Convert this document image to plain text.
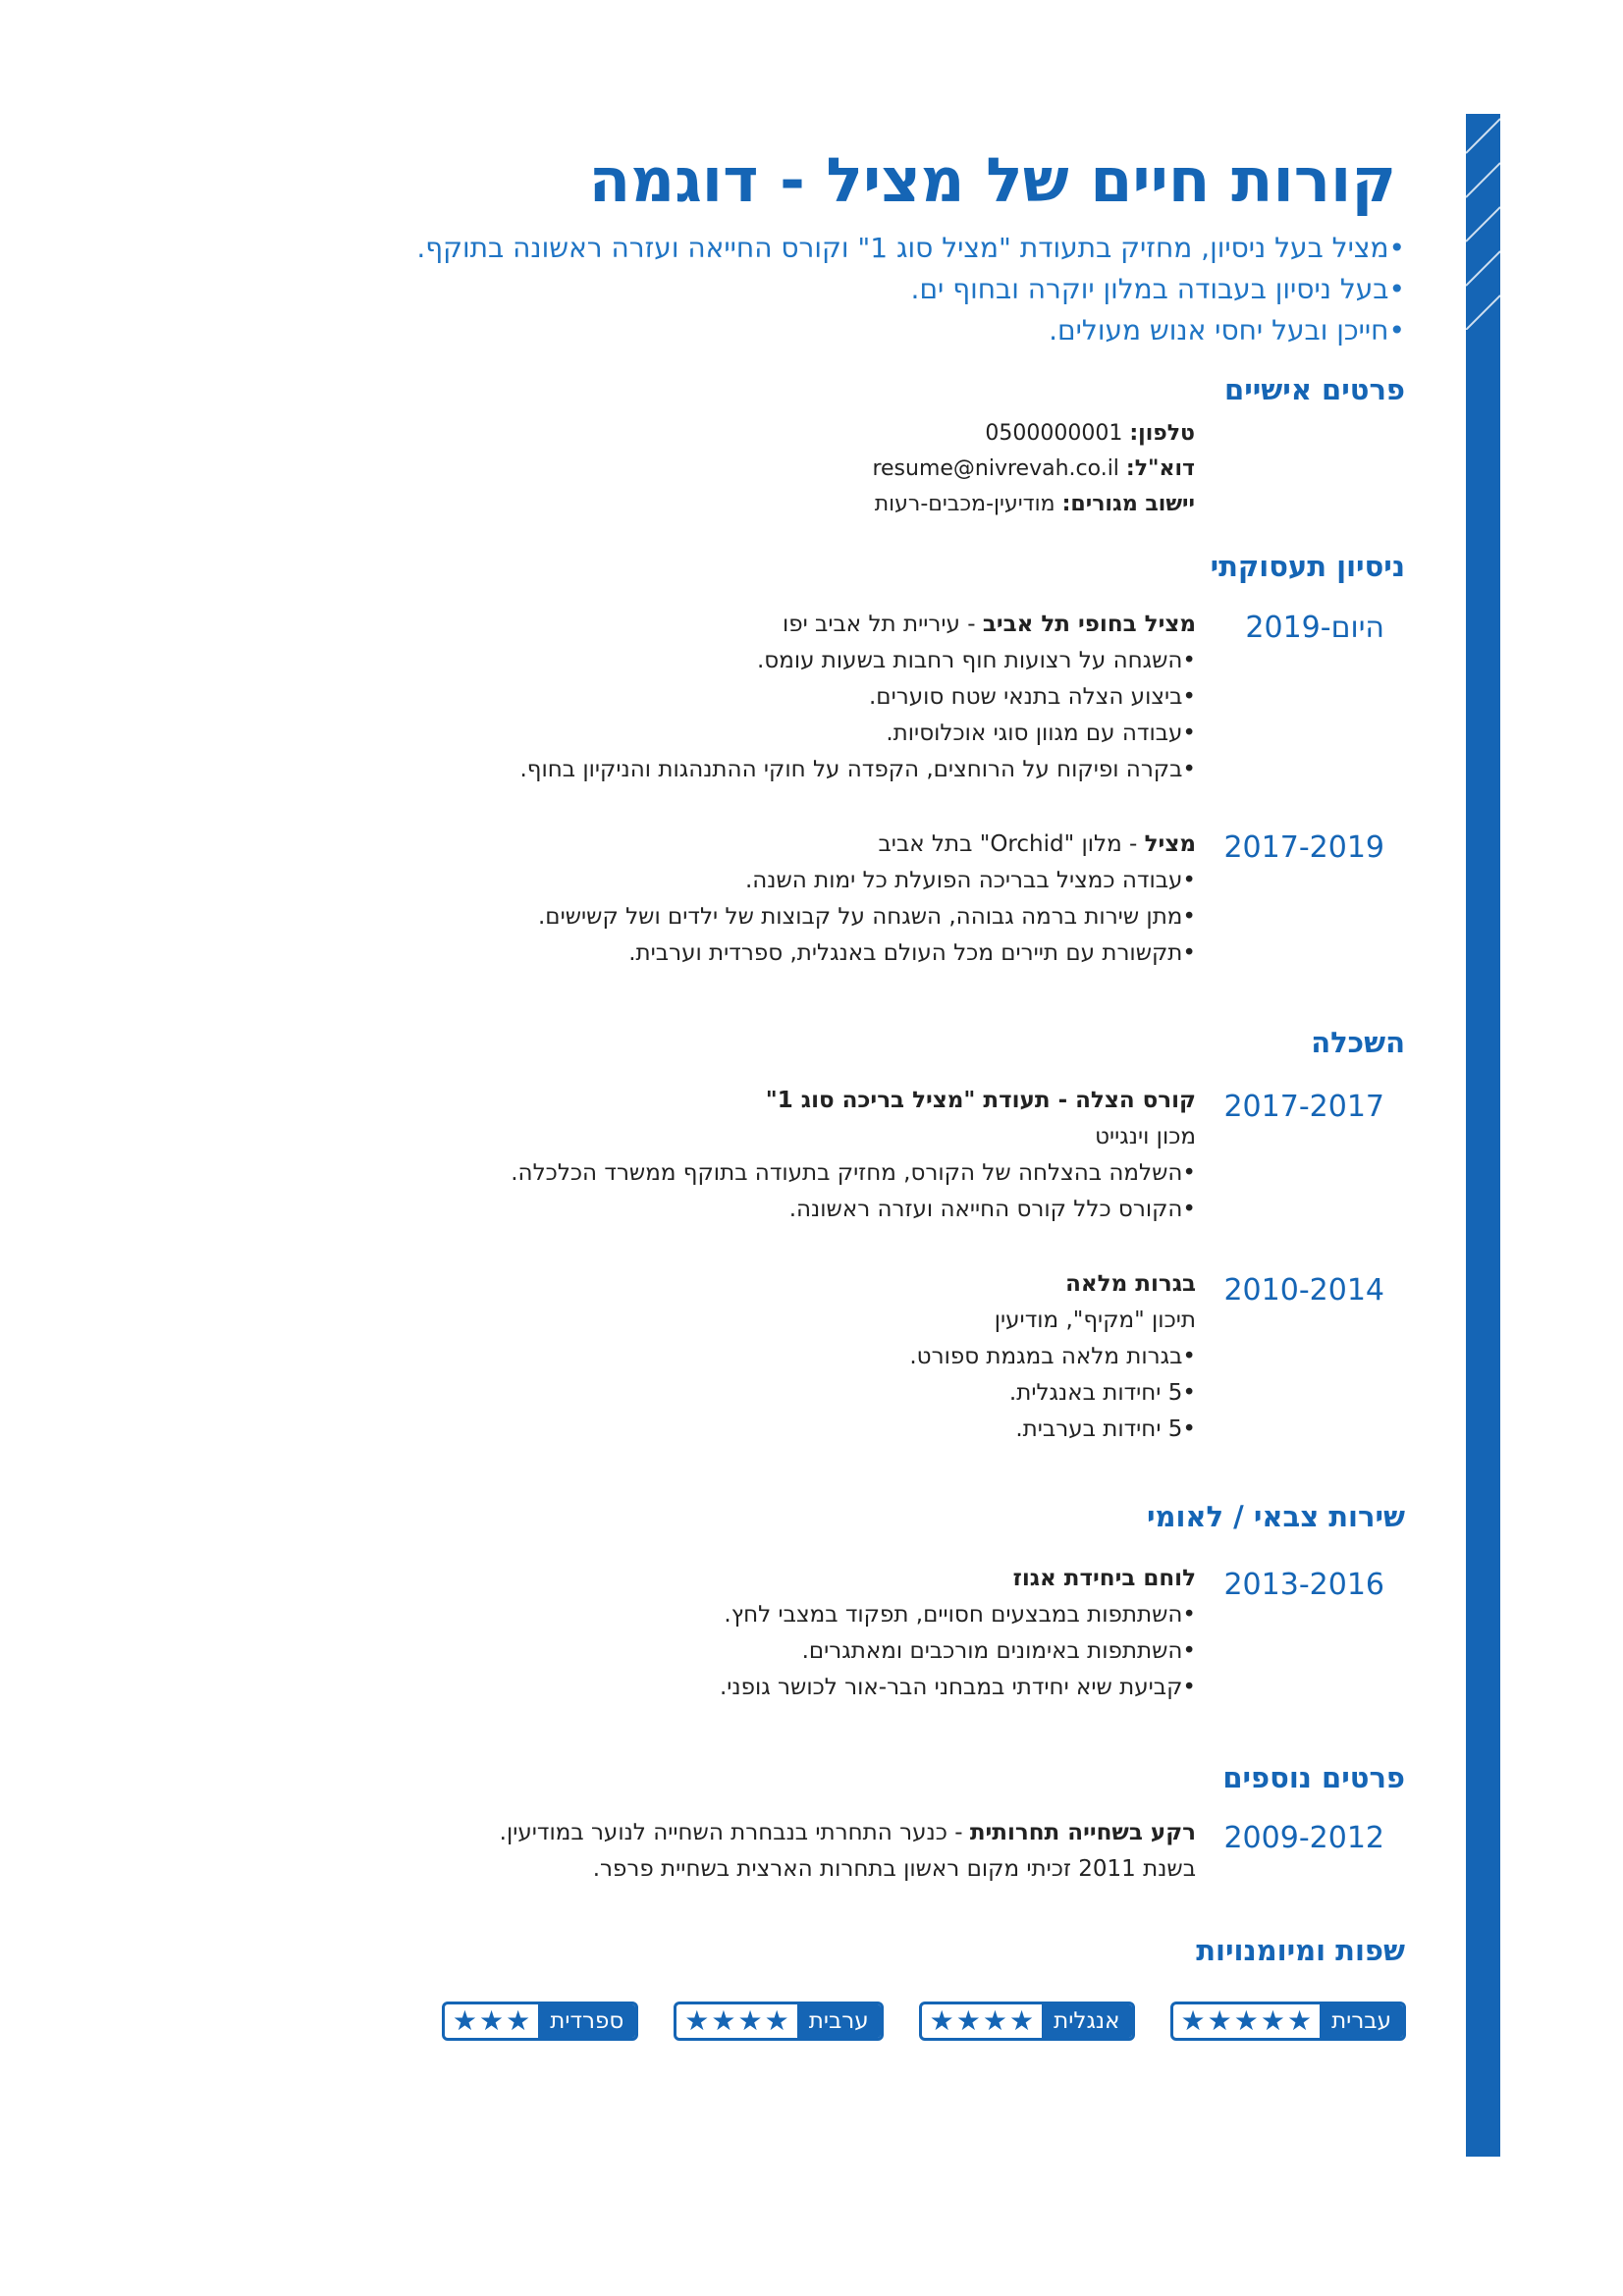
קורות חיים של מציל - דוגמה
•מציל בעל ניסיון, מחזיק בתעודת "מציל סוג 1" וקורס החייאה ועזרה ראשונה בתוקף.
•בעל ניסיון בעבודה במלון יוקרה ובחוף ים.
•חייכן ובעל יחסי אנוש מעולים.
פרטים אישיים
טלפון: 0500000001
דוא"ל: resume@nivrevah.co.il
יישוב מגורים: מודיעין-מכבים-רעות
ניסיון תעסוקתי
2019-היום
מציל בחופי תל אביב - עיריית תל אביב יפו
•השגחה על רצועות חוף רחבות בשעות עומס.
•ביצוע הצלה בתנאי שטח סוערים.
•עבודה עם מגוון סוגי אוכלוסיות.
•בקרה ופיקוח על הרוחצים, הקפדה על חוקי ההתנהגות והניקיון בחוף.
2017-2019
מציל - מלון "Orchid" בתל אביב
•עבודה כמציל בבריכה הפועלת כל ימות השנה.
•מתן שירות ברמה גבוהה, השגחה על קבוצות של ילדים ושל קשישים.
•תקשורת עם תיירים מכל העולם באנגלית, ספרדית וערבית.
השכלה
2017-2017
קורס הצלה - תעודת "מציל בריכה סוג 1"
מכון וינגייט
•השלמה בהצלחה של הקורס, מחזיק בתעודה בתוקף ממשרד הכלכלה.
•הקורס כלל קורס החייאה ועזרה ראשונה.
2010-2014
בגרות מלאה
תיכון "מקיף", מודיעין
•בגרות מלאה במגמת ספורט.
•5 יחידות באנגלית.
•5 יחידות בערבית.
שירות צבאי / לאומי
2013-2016
לוחם ביחידת אגוז
•השתתפות במבצעים חסויים, תפקוד במצבי לחץ.
•השתתפות באימונים מורכבים ומאתגרים.
•קביעת שיא יחידתי במבחני הבר-אור לכושר גופני.
פרטים נוספים
2009-2012
רקע בשחייה תחרותית - כנער התחרתי בנבחרת השחייה לנוער במודיעין.
בשנת 2011 זכיתי מקום ראשון בתחרות הארצית בשחיית פרפר.
שפות ומיומנויות
עברית
★ ★ ★ ★ ★
אנגלית
★ ★ ★ ★
ערבית
★ ★ ★ ★
ספרדית
★ ★ ★
